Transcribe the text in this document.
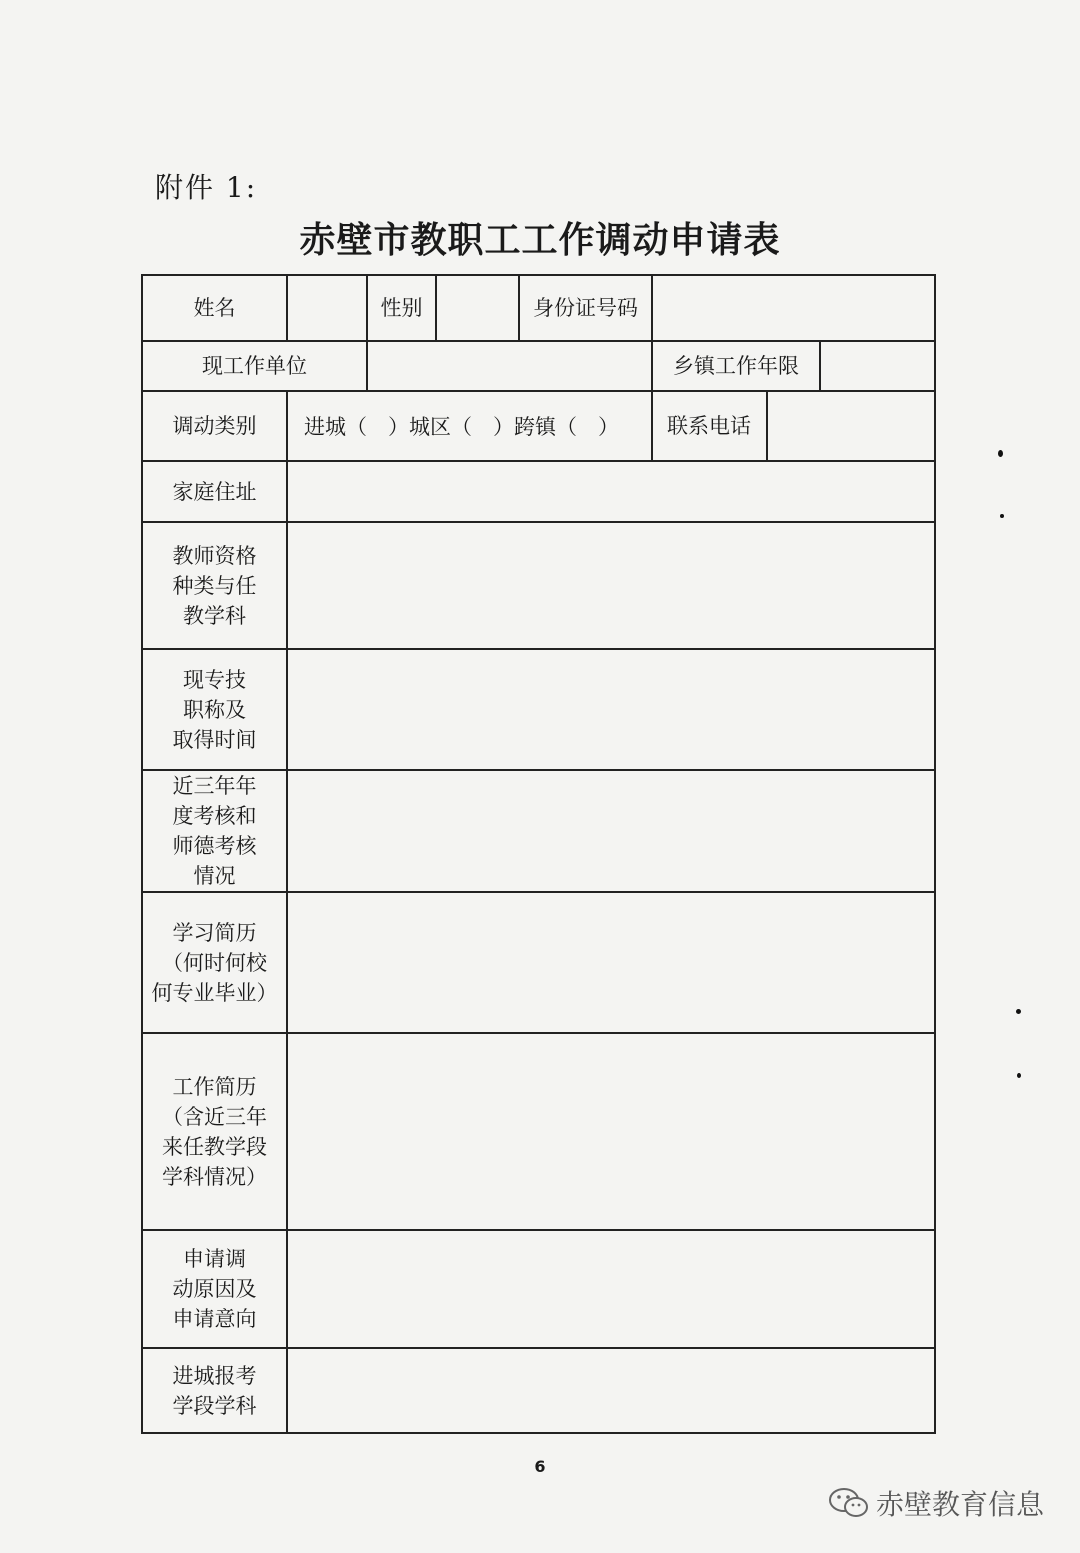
附件 1:
赤壁市教职工工作调动申请表
姓名		性别		身份证号码		
现工作单位					乡镇工作年限	

调动类别	进城（　）城区（　）跨镇（　）				联系电话	
家庭住址						

教师资格
种类与任
教学科						

现专技
职称及
取得时间						

近三年年
度考核和
师德考核
情况						

学习简历
（何时何校
何专业毕业）						

工作简历
（含近三年
来任教学段
学科情况）						

申请调
动原因及
申请意向						

进城报考
学段学科						

6
赤壁教育信息
